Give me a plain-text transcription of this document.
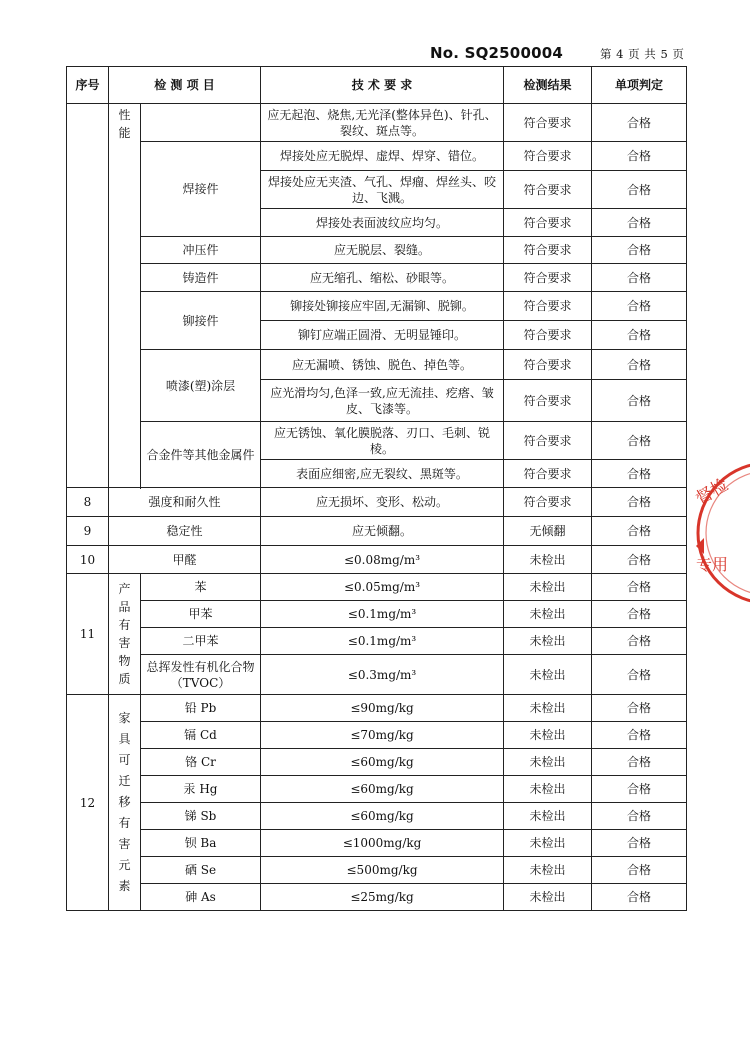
No. SQ2500004	第 4 页 共 5 页
序号	检 测 项 目		技 术 要 求	检测结果	单项判定
	性能		应无起泡、烧焦,无光泽(整体异色)、针孔、裂纹、斑点等。	符合要求	合格
		焊接件	焊接处应无脱焊、虚焊、焊穿、错位。	符合要求	合格
			焊接处应无夹渣、气孔、焊瘤、焊丝头、咬边、飞溅。	符合要求	合格
			焊接处表面波纹应均匀。	符合要求	合格
		冲压件	应无脱层、裂缝。	符合要求	合格
		铸造件	应无缩孔、缩松、砂眼等。	符合要求	合格
		铆接件	铆接处铆接应牢固,无漏铆、脱铆。	符合要求	合格
			铆钉应端正圆滑、无明显锤印。	符合要求	合格
		喷漆(塑)涂层	应无漏喷、锈蚀、脱色、掉色等。	符合要求	合格
			应光滑均匀,色泽一致,应无流挂、疙瘩、皱皮、飞漆等。	符合要求	合格
		合金件等其他金属件	应无锈蚀、氧化膜脱落、刃口、毛刺、锐棱。	符合要求	合格
			表面应细密,应无裂纹、黑斑等。	符合要求	合格

8	强度和耐久性		应无损坏、变形、松动。	符合要求	合格
9	稳定性		应无倾翻。	无倾翻	合格
10	甲醛		≤0.08mg/m³	未检出	合格
11	产品有害物质	苯	≤0.05mg/m³	未检出	合格
		甲苯	≤0.1mg/m³	未检出	合格
		二甲苯	≤0.1mg/m³	未检出	合格
		总挥发性有机化合物（TVOC）	≤0.3mg/m³	未检出	合格
12	家具可迁移有害元素	铅 Pb	≤90mg/kg	未检出	合格
		镉 Cd	≤70mg/kg	未检出	合格
		铬 Cr	≤60mg/kg	未检出	合格
		汞 Hg	≤60mg/kg	未检出	合格
		锑 Sb	≤60mg/kg	未检出	合格
		钡 Ba	≤1000mg/kg	未检出	合格
		硒 Se	≤500mg/kg	未检出	合格
		砷 As	≤25mg/kg	未检出	合格
督检
专用
